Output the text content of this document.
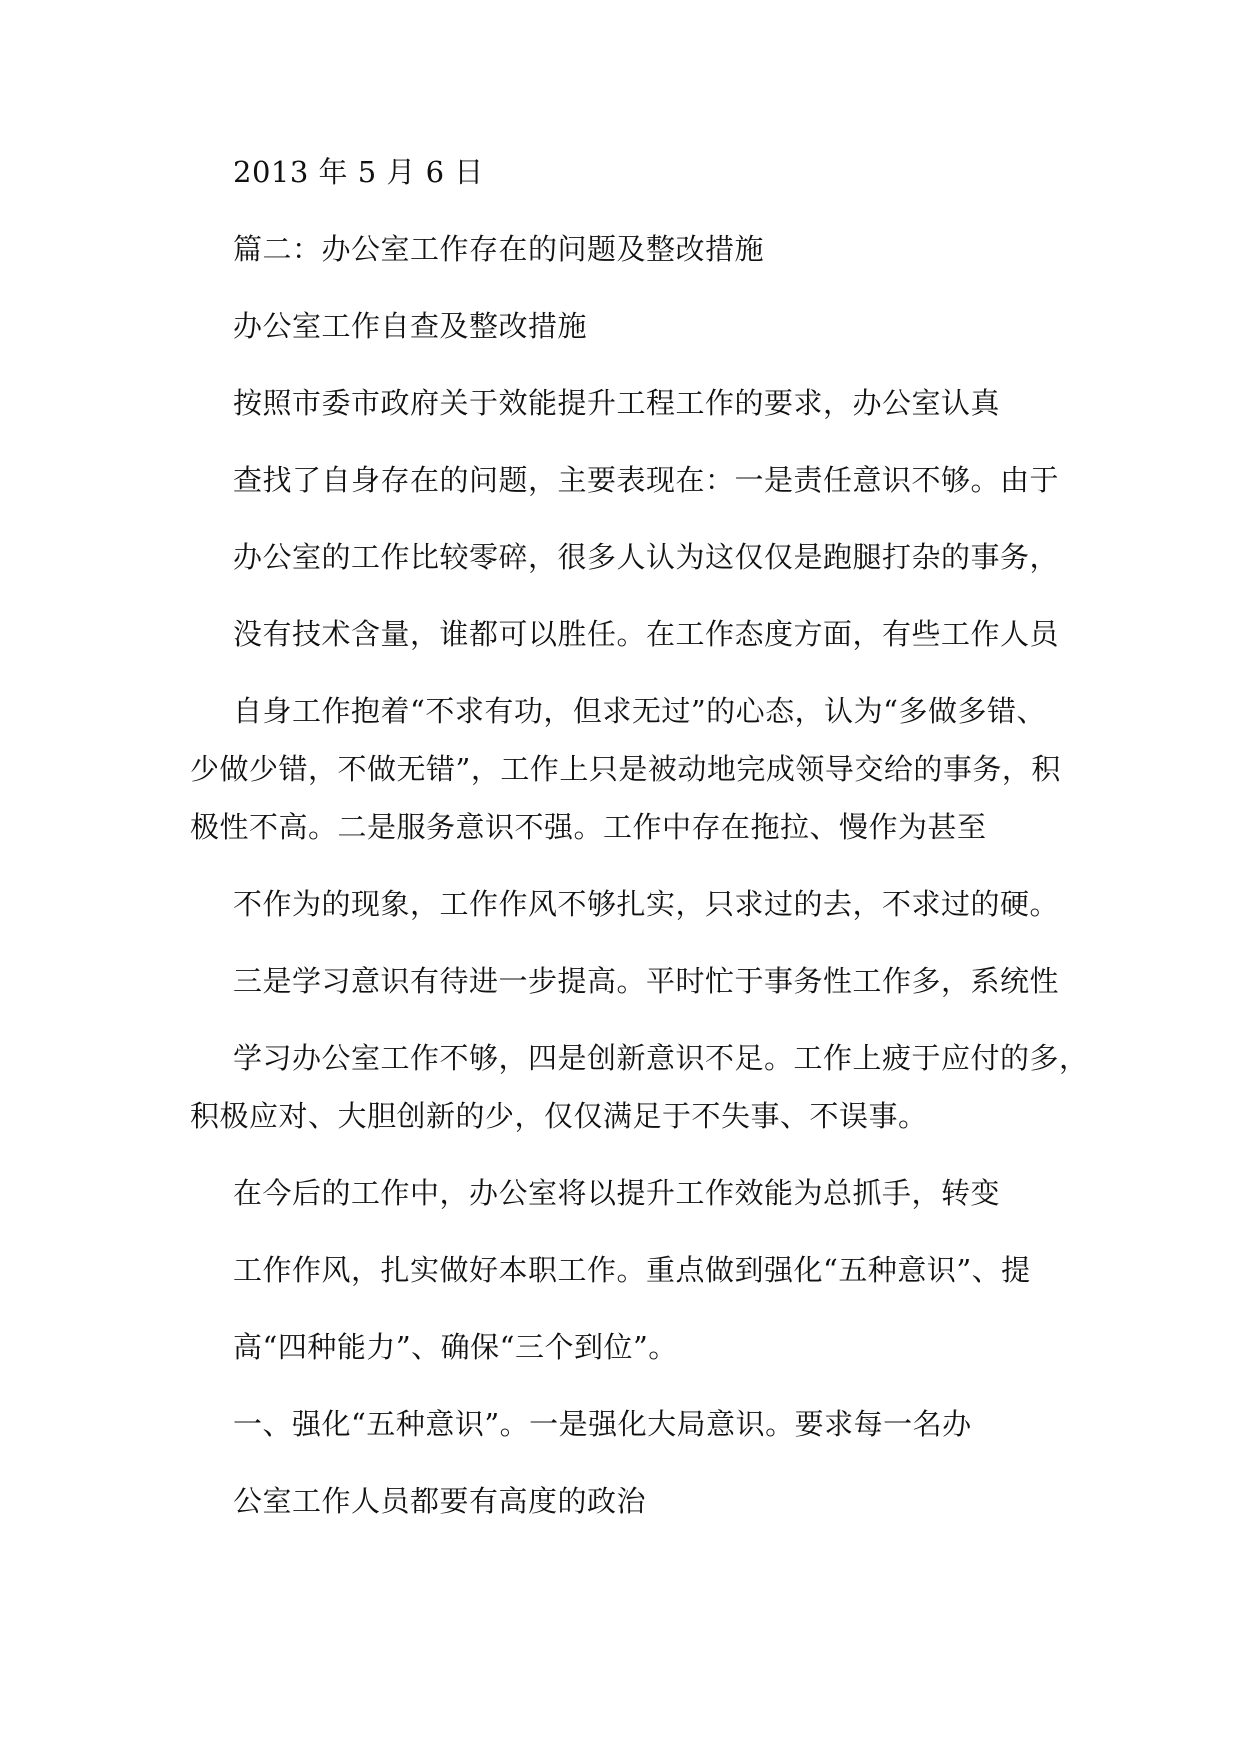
2013 年 5 月 6 日
篇二：办公室工作存在的问题及整改措施
办公室工作自查及整改措施
按照市委市政府关于效能提升工程工作的要求，办公室认真
查找了自身存在的问题，主要表现在：一是责任意识不够。由于
办公室的工作比较零碎，很多人认为这仅仅是跑腿打杂的事务，
没有技术含量，谁都可以胜任。在工作态度方面，有些工作人员
自身工作抱着“不求有功，但求无过”的心态，认为“多做多错、
少做少错，不做无错”，工作上只是被动地完成领导交给的事务，积
极性不高。二是服务意识不强。工作中存在拖拉、慢作为甚至
不作为的现象，工作作风不够扎实，只求过的去，不求过的硬。
三是学习意识有待进一步提高。平时忙于事务性工作多，系统性
学习办公室工作不够，四是创新意识不足。工作上疲于应付的多，
积极应对、大胆创新的少，仅仅满足于不失事、不误事。
在今后的工作中，办公室将以提升工作效能为总抓手，转变
工作作风，扎实做好本职工作。重点做到强化“五种意识”、提
高“四种能力”、确保“三个到位”。
一、强化“五种意识”。一是强化大局意识。要求每一名办
公室工作人员都要有高度的政治
